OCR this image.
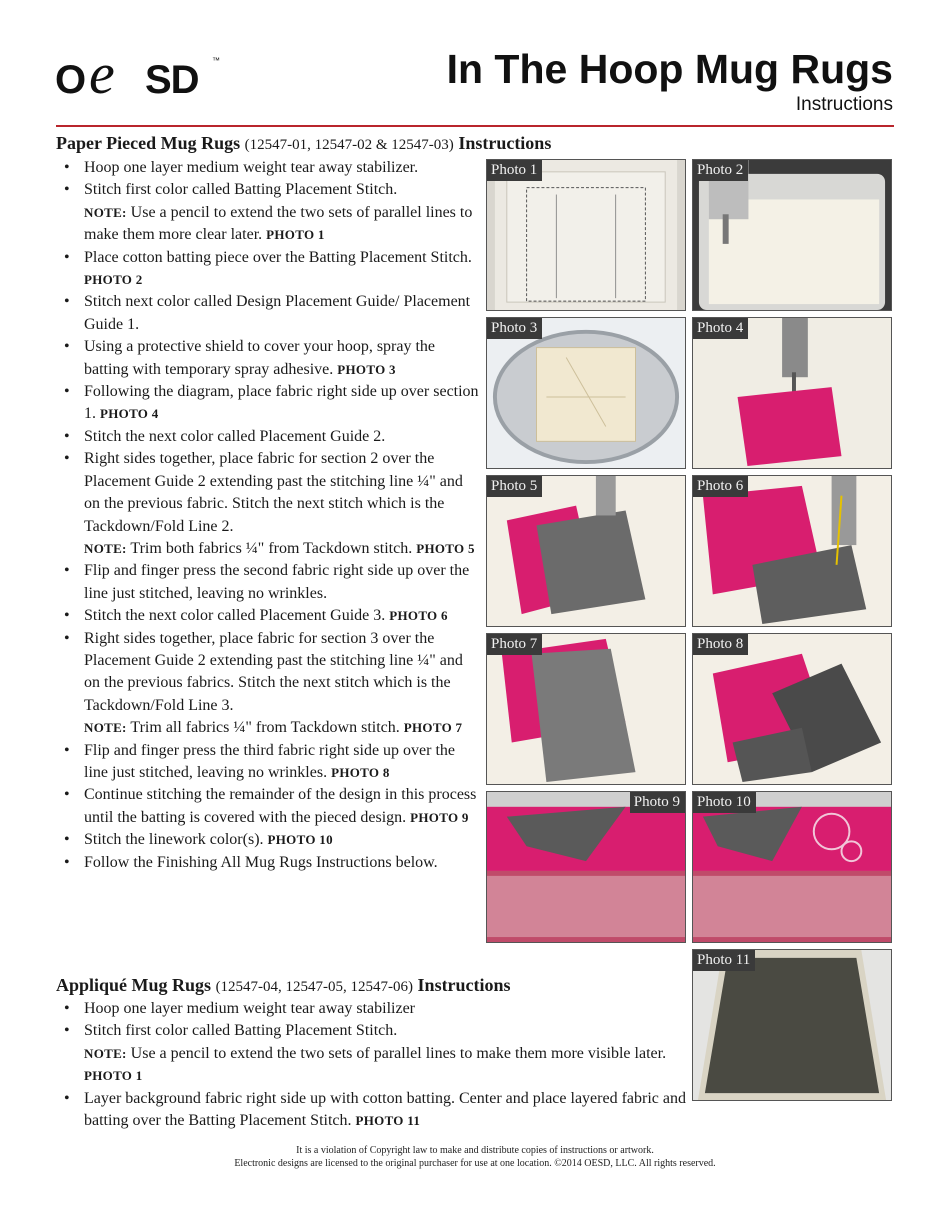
O e SD ™	In The Hoop Mug Rugs
Instructions
Paper Pieced Mug Rugs (12547-01, 12547-02 & 12547-03) Instructions
• Hoop one layer medium weight tear away stabilizer.
• Stitch first color called Batting Placement Stitch.
NOTE: Use a pencil to extend the two sets of parallel lines to make them more clear later. PHOTO 1
• Place cotton batting piece over the Batting Placement Stitch. PHOTO 2
• Stitch next color called Design Placement Guide/ Placement Guide 1.
• Using a protective shield to cover your hoop, spray the batting with temporary spray adhesive. PHOTO 3
• Following the diagram, place fabric right side up over section 1. PHOTO 4
• Stitch the next color called Placement Guide 2.
• Right sides together, place fabric for section 2 over the Placement Guide 2 extending past the stitching line ¼" and on the previous fabric. Stitch the next stitch which is the Tackdown/Fold Line 2.
NOTE: Trim both fabrics ¼" from Tackdown stitch. PHOTO 5
• Flip and finger press the second fabric right side up over the line just stitched, leaving no wrinkles.
• Stitch the next color called Placement Guide 3. PHOTO 6
• Right sides together, place fabric for section 3 over the Placement Guide 2 extending past the stitching line ¼" and on the previous fabrics. Stitch the next stitch which is the Tackdown/Fold Line 3.
NOTE: Trim all fabrics ¼" from Tackdown stitch. PHOTO 7
• Flip and finger press the third fabric right side up over the line just stitched, leaving no wrinkles. PHOTO 8
• Continue stitching the remainder of the design in this process until the batting is covered with the pieced design. PHOTO 9
• Stitch the linework color(s). PHOTO 10
• Follow the Finishing All Mug Rugs Instructions below.
Photo 1	Photo 2
Photo 3	Photo 4
Photo 5	Photo 6
Photo 7	Photo 8
Photo 9	Photo 10
Photo 11
Appliqué Mug Rugs (12547-04, 12547-05, 12547-06) Instructions
• Hoop one layer medium weight tear away stabilizer
• Stitch first color called Batting Placement Stitch.
NOTE: Use a pencil to extend the two sets of parallel lines to make them more visible later. PHOTO 1
• Layer background fabric right side up with cotton batting. Center and place layered fabric and batting over the Batting Placement Stitch. PHOTO 11
It is a violation of Copyright law to make and distribute copies of instructions or artwork.
Electronic designs are licensed to the original purchaser for use at one location. ©2014 OESD, LLC. All rights reserved.
